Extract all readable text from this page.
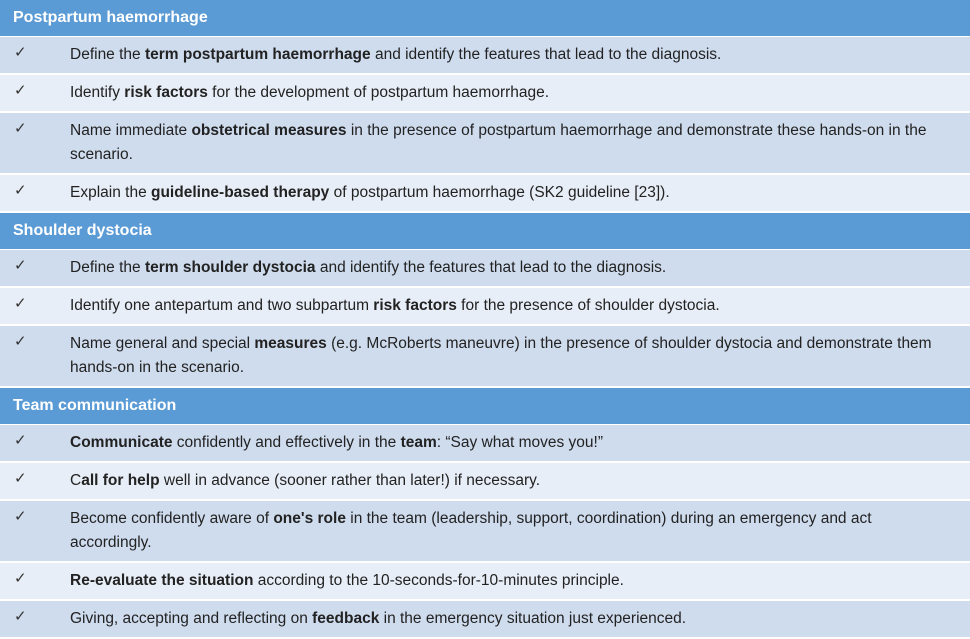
Postpartum haemorrhage
✓	Define the term postpartum haemorrhage and identify the features that lead to the diagnosis.
✓	Identify risk factors for the development of postpartum haemorrhage.
✓	Name immediate obstetrical measures in the presence of postpartum haemorrhage and demonstrate these hands-on in the scenario.
✓	Explain the guideline-based therapy of postpartum haemorrhage (SK2 guideline [23]).
Shoulder dystocia
✓	Define the term shoulder dystocia and identify the features that lead to the diagnosis.
✓	Identify one antepartum and two subpartum risk factors for the presence of shoulder dystocia.
✓	Name general and special measures (e.g. McRoberts maneuvre) in the presence of shoulder dystocia and demonstrate them hands-on in the scenario.
Team communication
✓	Communicate confidently and effectively in the team: “Say what moves you!”
✓	Call for help well in advance (sooner rather than later!) if necessary.
✓	Become confidently aware of one's role in the team (leadership, support, coordination) during an emergency and act accordingly.
✓	Re-evaluate the situation according to the 10-seconds-for-10-minutes principle.
✓	Giving, accepting and reflecting on feedback in the emergency situation just experienced.
